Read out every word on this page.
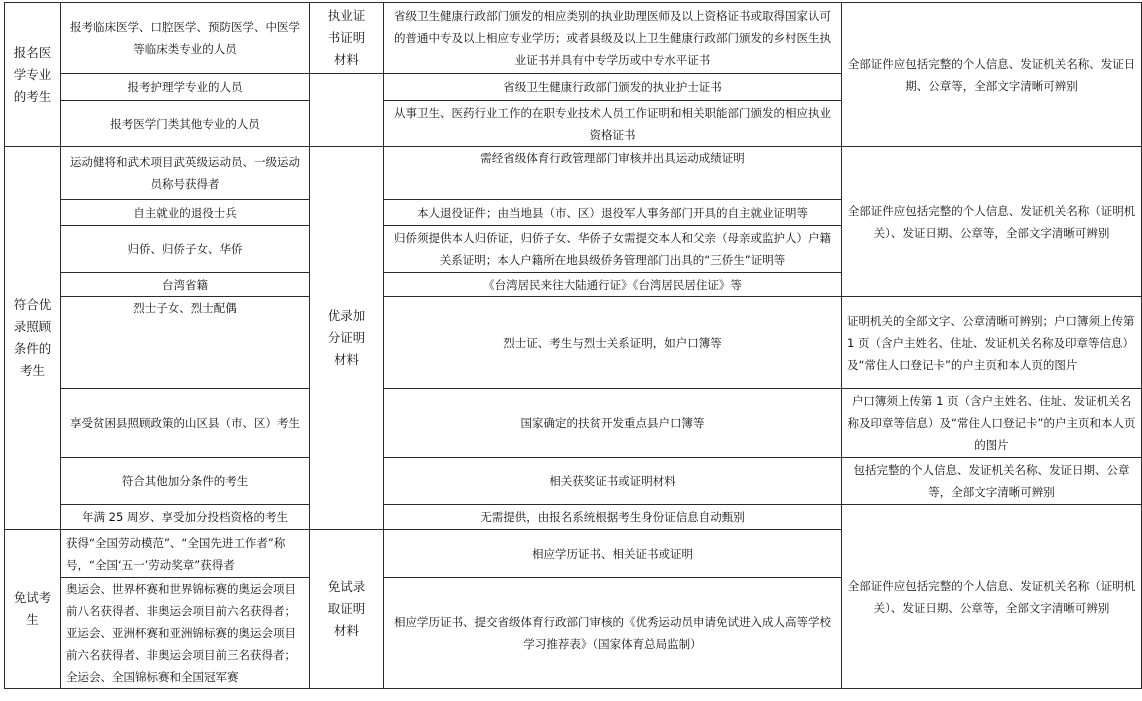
报名医学专业的考生	报考临床医学、口腔医学、预防医学、中医学等临床类专业的人员	执业证书证明材料	省级卫生健康行政部门颁发的相应类别的执业助理医师及以上资格证书或取得国家认可的普通中专及以上相应专业学历；或者县级及以上卫生健康行政部门颁发的乡村医生执业证书并具有中专学历或中专水平证书	全部证件应包括完整的个人信息、发证机关名称、发证日期、公章等，全部文字清晰可辨别
	报考护理学专业的人员		省级卫生健康行政部门颁发的执业护士证书	
	报考医学门类其他专业的人员		从事卫生、医药行业工作的在职专业技术人员工作证明和相关职能部门颁发的相应执业资格证书	
符合优录照顾条件的考生	运动健将和武术项目武英级运动员、一级运动员称号获得者	优录加分证明材料	需经省级体育行政管理部门审核并出具运动成绩证明	全部证件应包括完整的个人信息、发证机关名称（证明机关）、发证日期、公章等，全部文字清晰可辨别
	自主就业的退役士兵		本人退役证件；由当地县（市、区）退役军人事务部门开具的自主就业证明等	
	归侨、归侨子女、华侨		归侨须提供本人归侨证，归侨子女、华侨子女需提交本人和父亲（母亲或监护人）户籍关系证明；本人户籍所在地县级侨务管理部门出具的“三侨生”证明等	
	台湾省籍		《台湾居民来往大陆通行证》《台湾居民居住证》等	
	烈士子女、烈士配偶		烈士证、考生与烈士关系证明，如户口簿等	证明机关的全部文字、公章清晰可辨别；户口簿须上传第 1 页（含户主姓名、住址、发证机关名称及印章等信息）及“常住人口登记卡”的户主页和本人页的图片
	享受贫困县照顾政策的山区县（市、区）考生		国家确定的扶贫开发重点县户口簿等	户口簿须上传第 1 页（含户主姓名、住址、发证机关名称及印章等信息）及“常住人口登记卡”的户主页和本人页的图片
	符合其他加分条件的考生		相关获奖证书或证明材料	包括完整的个人信息、发证机关名称、发证日期、公章等，全部文字清晰可辨别
	年满 25 周岁、享受加分投档资格的考生		无需提供，由报名系统根据考生身份证信息自动甄别	全部证件应包括完整的个人信息、发证机关名称（证明机关）、发证日期、公章等，全部文字清晰可辨别
免试考生	获得“全国劳动模范”、“全国先进工作者”称号，“全国‘五一’劳动奖章”获得者	免试录取证明材料	相应学历证书、相关证书或证明	
	奥运会、世界杯赛和世界锦标赛的奥运会项目前八名获得者、非奥运会项目前六名获得者；亚运会、亚洲杯赛和亚洲锦标赛的奥运会项目前六名获得者、非奥运会项目前三名获得者；全运会、全国锦标赛和全国冠军赛		相应学历证书、提交省级体育行政部门审核的《优秀运动员申请免试进入成人高等学校学习推荐表》（国家体育总局监制）	
